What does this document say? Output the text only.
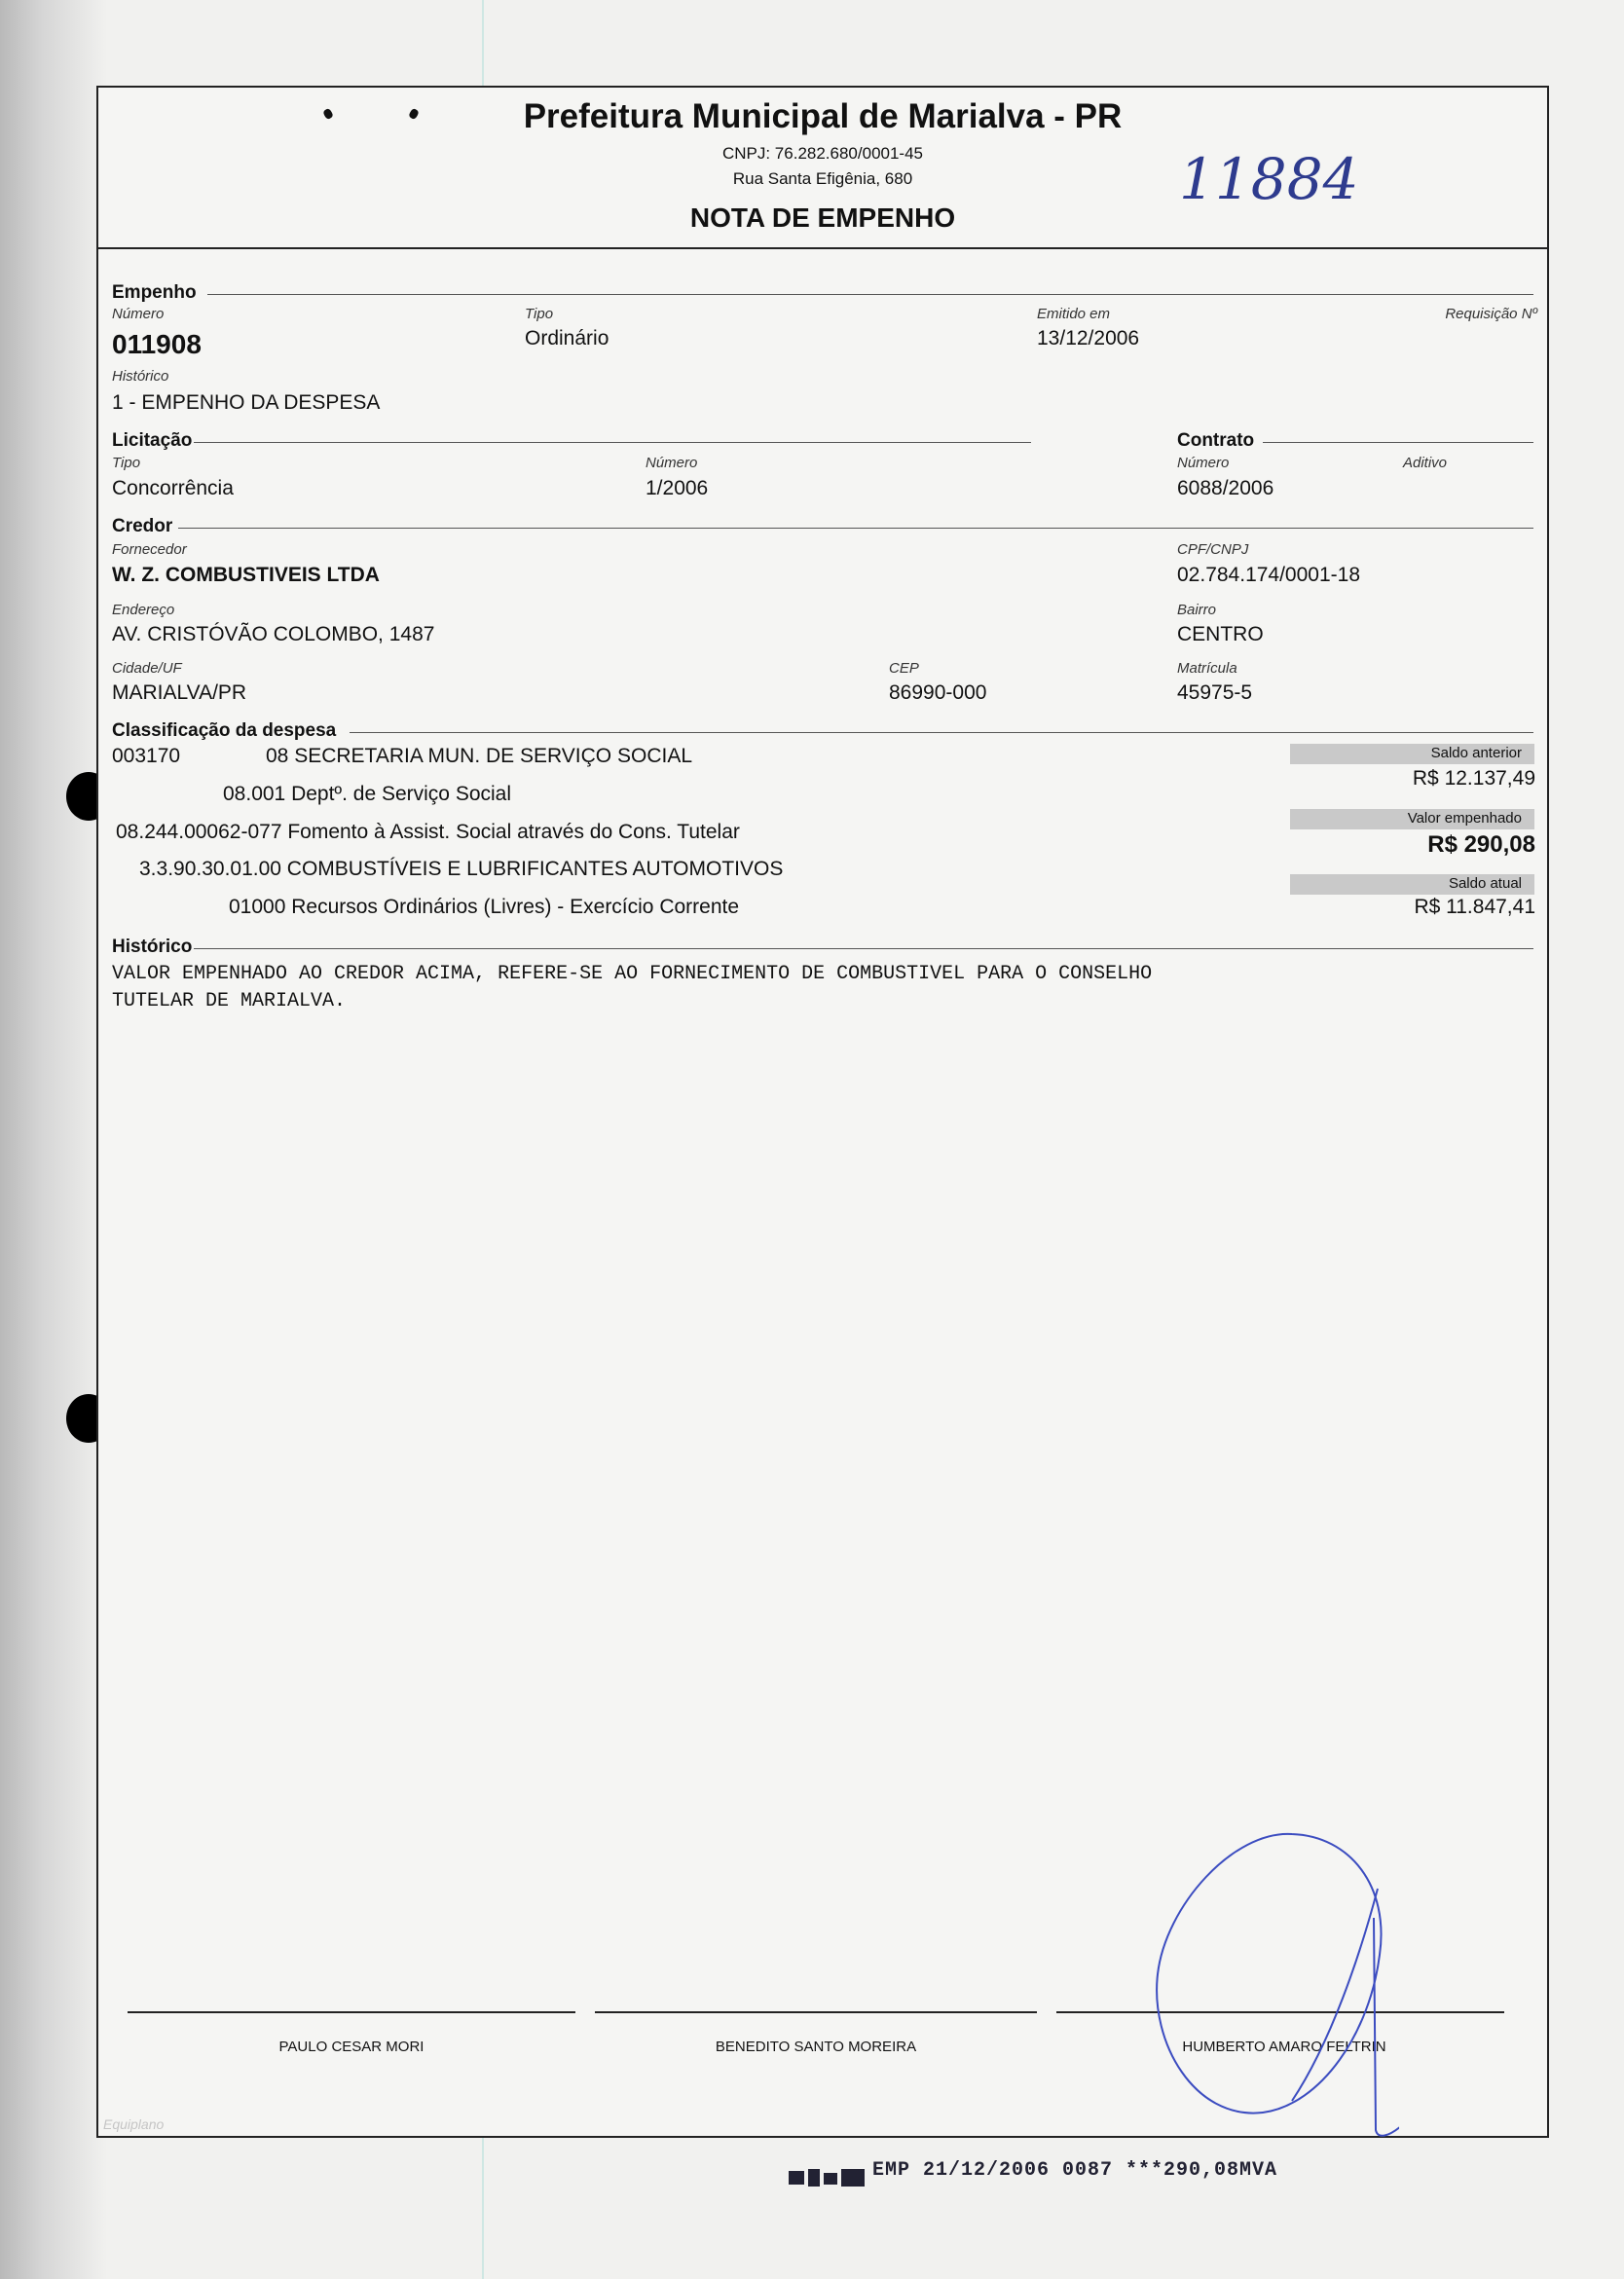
Prefeitura Municipal de Marialva - PR
CNPJ: 76.282.680/0001-45
Rua Santa Efigênia, 680
NOTA DE EMPENHO
11884
Empenho
Número
011908
Tipo
Ordinário
Emitido em
13/12/2006
Requisição Nº
Histórico
1 - EMPENHO DA DESPESA
Licitação	Contrato
Tipo
Concorrência
Número
1/2006
Número
6088/2006
Aditivo
Credor
Fornecedor
W. Z. COMBUSTIVEIS LTDA
CPF/CNPJ
02.784.174/0001-18
Endereço
AV. CRISTÓVÃO COLOMBO, 1487
Bairro
CENTRO
Cidade/UF
MARIALVA/PR
CEP
86990-000
Matrícula
45975-5
Classificação da despesa
003170	08 SECRETARIA MUN. DE SERVIÇO SOCIAL
08.001 Deptº. de Serviço Social
08.244.00062-077 Fomento à Assist. Social através do Cons. Tutelar
3.3.90.30.01.00 COMBUSTÍVEIS E LUBRIFICANTES AUTOMOTIVOS
01000 Recursos Ordinários (Livres) - Exercício Corrente
Saldo anterior
R$ 12.137,49
Valor empenhado
R$ 290,08
Saldo atual
R$ 11.847,41
Histórico
VALOR EMPENHADO AO CREDOR ACIMA, REFERE-SE AO FORNECIMENTO DE COMBUSTIVEL PARA O CONSELHO
TUTELAR DE MARIALVA.
PAULO CESAR MORI	BENEDITO SANTO MOREIRA	HUMBERTO AMARO FELTRIN
Equiplano
EMP 21/12/2006 0087 ***290,08MVA
